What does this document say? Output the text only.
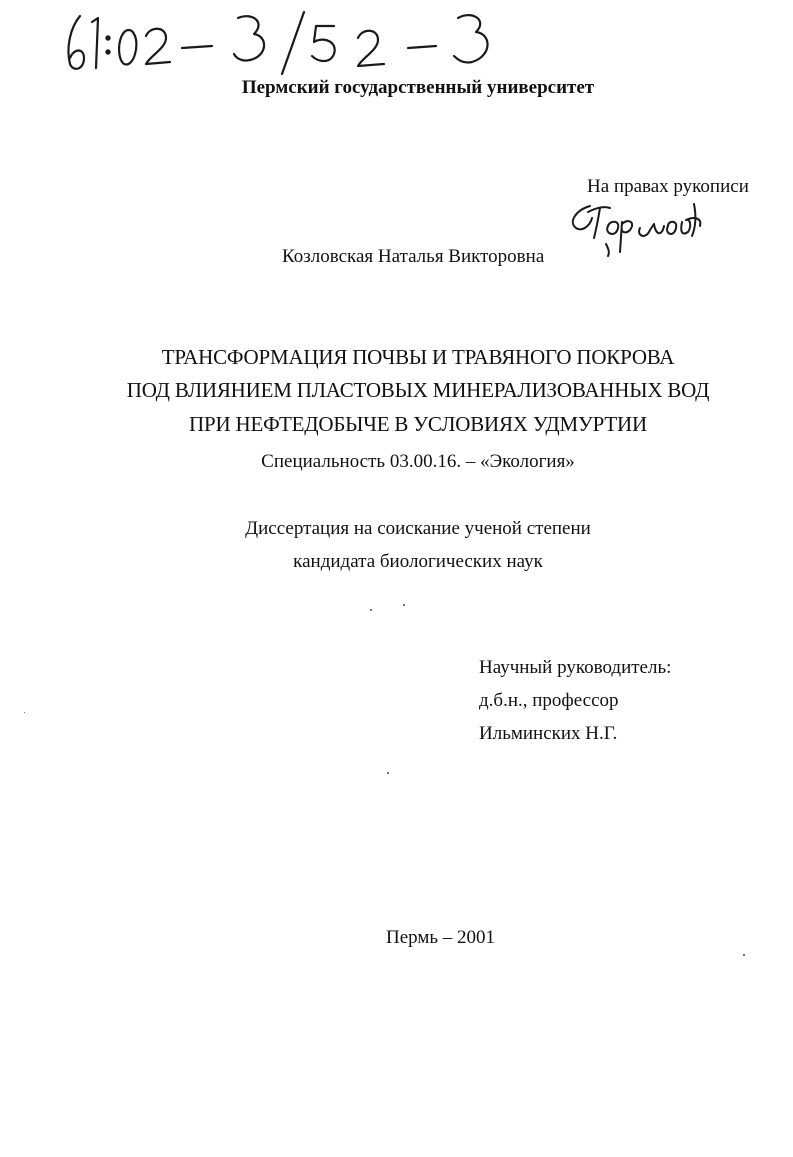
Пермский государственный университет
На правах рукописи
Козловская Наталья Викторовна
ТРАНСФОРМАЦИЯ ПОЧВЫ И ТРАВЯНОГО ПОКРОВА
ПОД ВЛИЯНИЕМ ПЛАСТОВЫХ МИНЕРАЛИЗОВАННЫХ ВОД
ПРИ НЕФТЕДОБЫЧЕ В УСЛОВИЯХ УДМУРТИИ
Специальность 03.00.16. – «Экология»
Диссертация на соискание ученой степени
кандидата биологических наук
Научный руководитель:
д.б.н., профессор
Ильминских Н.Г.
Пермь – 2001
